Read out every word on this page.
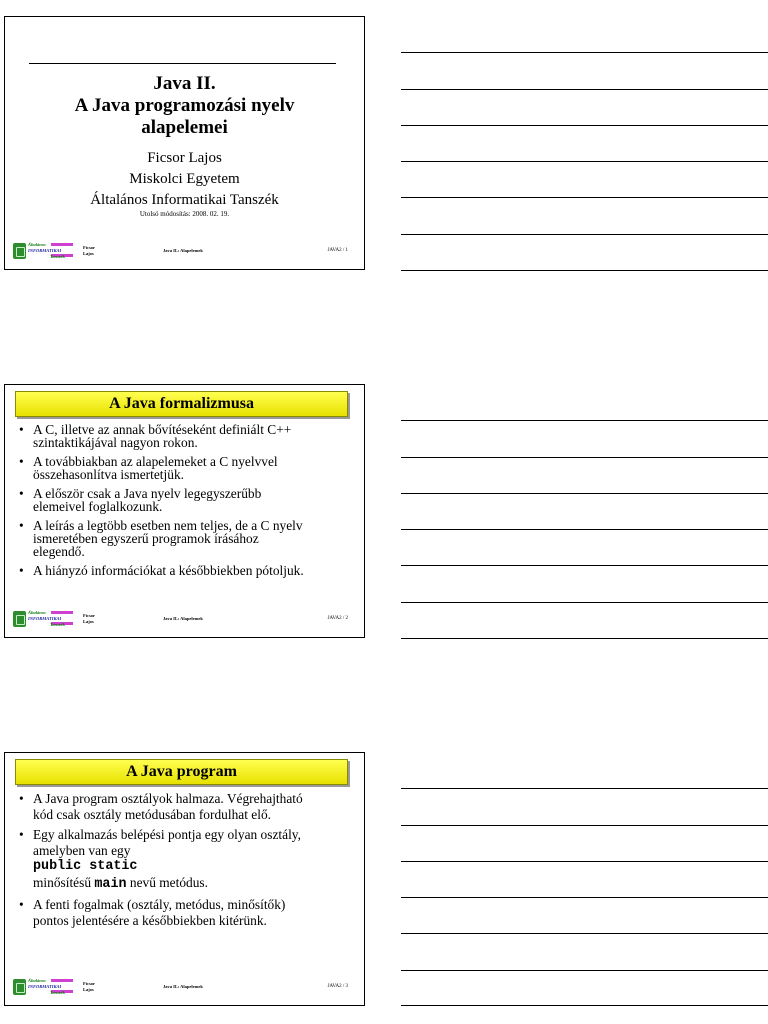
Java II.
A Java programozási nyelv
alapelemei
Ficsor Lajos
Miskolci Egyetem
Általános Informatikai Tanszék
Utolsó módosítás: 2008. 02. 19.
Általános
INFORMATIKAI
Tanszék
Ficsor
Lajos
Java II.: Alapelemek	JAVA2 / 1
A Java formalizmusa
• A C, illetve az annak bővítéseként definiált C++
szintaktikájával nagyon rokon.
• A továbbiakban az alapelemeket a C nyelvvel
összehasonlítva ismertetjük.
• A először csak a Java nyelv legegyszerűbb
elemeivel foglalkozunk.
• A leírás a legtöbb esetben nem teljes, de a C nyelv
ismeretében egyszerű programok írásához
elegendő.
• A hiányzó információkat a későbbiekben pótoljuk.
Általános
INFORMATIKAI
Tanszék
Ficsor
Lajos
Java II.: Alapelemek	JAVA2 / 2
A Java program
• A Java program osztályok halmaza. Végrehajtható
kód csak osztály metódusában fordulhat elő.
• Egy alkalmazás belépési pontja egy olyan osztály,
amelyben van egy
public static
minősítésű main nevű metódus.
• A fenti fogalmak (osztály, metódus, minősítők)
pontos jelentésére a későbbiekben kitérünk.
Általános
INFORMATIKAI
Tanszék
Ficsor
Lajos
Java II.: Alapelemek	JAVA2 / 3
